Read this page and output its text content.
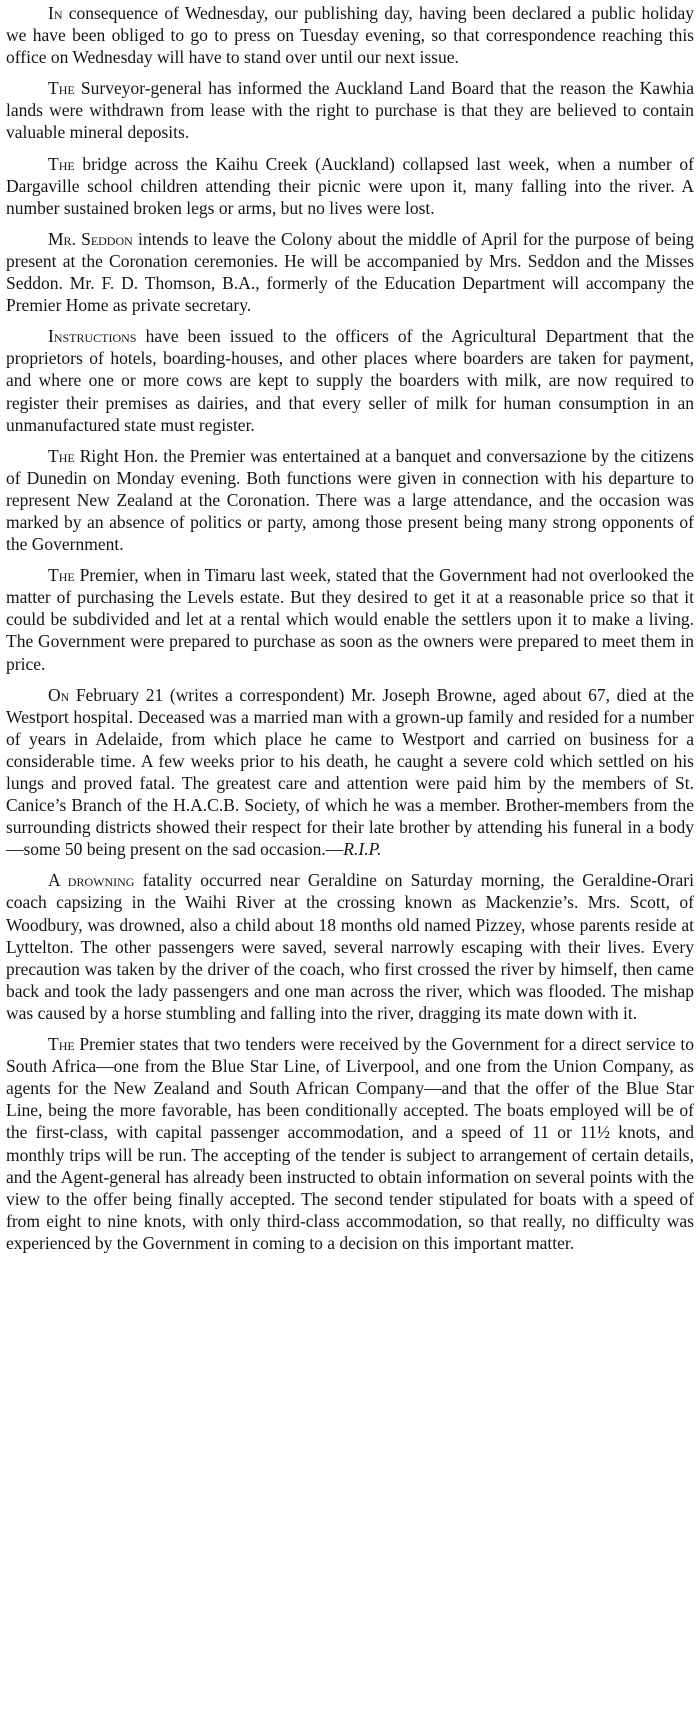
In consequence of Wednesday, our publishing day, having been declared a public holiday we have been obliged to go to press on Tuesday evening, so that correspondence reaching this office on Wednesday will have to stand over until our next issue.

The Surveyor-general has informed the Auckland Land Board that the reason the Kawhia lands were withdrawn from lease with the right to purchase is that they are believed to contain valuable mineral deposits.

The bridge across the Kaihu Creek (Auckland) collapsed last week, when a number of Dargaville school children attending their picnic were upon it, many falling into the river. A number sustained broken legs or arms, but no lives were lost.

Mr. Seddon intends to leave the Colony about the middle of April for the purpose of being present at the Coronation ceremonies. He will be accompanied by Mrs. Seddon and the Misses Seddon. Mr. F. D. Thomson, B.A., formerly of the Education Department will accompany the Premier Home as private secretary.

Instructions have been issued to the officers of the Agricultural Department that the proprietors of hotels, boarding-houses, and other places where boarders are taken for payment, and where one or more cows are kept to supply the boarders with milk, are now required to register their premises as dairies, and that every seller of milk for human consumption in an unmanufactured state must register.

The Right Hon. the Premier was entertained at a banquet and conversazione by the citizens of Dunedin on Monday evening. Both functions were given in connection with his departure to represent New Zealand at the Coronation. There was a large attendance, and the occasion was marked by an absence of politics or party, among those present being many strong opponents of the Government.

The Premier, when in Timaru last week, stated that the Government had not overlooked the matter of purchasing the Levels estate. But they desired to get it at a reasonable price so that it could be subdivided and let at a rental which would enable the settlers upon it to make a living. The Government were prepared to purchase as soon as the owners were prepared to meet them in price.

On February 21 (writes a correspondent) Mr. Joseph Browne, aged about 67, died at the Westport hospital. Deceased was a married man with a grown-up family and resided for a number of years in Adelaide, from which place he came to Westport and carried on business for a considerable time. A few weeks prior to his death, he caught a severe cold which settled on his lungs and proved fatal. The greatest care and attention were paid him by the members of St. Canice’s Branch of the H.A.C.B. Society, of which he was a member. Brother-members from the surrounding districts showed their respect for their late brother by attending his funeral in a body—some 50 being present on the sad occasion.—R.I.P.

A drowning fatality occurred near Geraldine on Saturday morning, the Geraldine-Orari coach capsizing in the Waihi River at the crossing known as Mackenzie’s. Mrs. Scott, of Woodbury, was drowned, also a child about 18 months old named Pizzey, whose parents reside at Lyttelton. The other passengers were saved, several narrowly escaping with their lives. Every precaution was taken by the driver of the coach, who first crossed the river by himself, then came back and took the lady passengers and one man across the river, which was flooded. The mishap was caused by a horse stumbling and falling into the river, dragging its mate down with it.

The Premier states that two tenders were received by the Government for a direct service to South Africa—one from the Blue Star Line, of Liverpool, and one from the Union Company, as agents for the New Zealand and South African Company—and that the offer of the Blue Star Line, being the more favorable, has been conditionally accepted. The boats employed will be of the first-class, with capital passenger accommodation, and a speed of 11 or 11½ knots, and monthly trips will be run. The accepting of the tender is subject to arrangement of certain details, and the Agent-general has already been instructed to obtain information on several points with the view to the offer being finally accepted. The second tender stipulated for boats with a speed of from eight to nine knots, with only third-class accommodation, so that really, no difficulty was experienced by the Government in coming to a decision on this important matter.
